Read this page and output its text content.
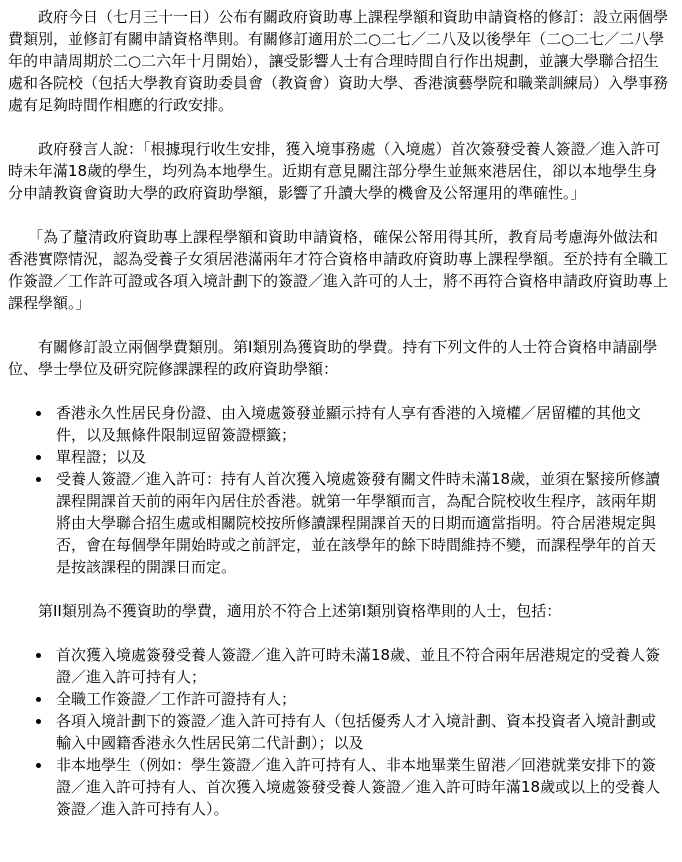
政府今日（七月三十一日）公布有關政府資助專上課程學額和資助申請資格的修訂：設立兩個學費類別，並修訂有關申請資格準則。有關修訂適用於二○二七／二八及以後學年（二○二七／二八學年的申請周期於二○二六年十月開始），讓受影響人士有合理時間自行作出規劃，並讓大學聯合招生處和各院校（包括大學教育資助委員會（教資會）資助大學、香港演藝學院和職業訓練局）入學事務處有足夠時間作相應的行政安排。

政府發言人說：「根據現行收生安排，獲入境事務處（入境處）首次簽發受養人簽證／進入許可時未年滿18歲的學生，均列為本地學生。近期有意見關注部分學生並無來港居住，卻以本地學生身分申請教資會資助大學的政府資助學額，影響了升讀大學的機會及公帑運用的準確性。」

「為了釐清政府資助專上課程學額和資助申請資格，確保公帑用得其所，教育局考慮海外做法和香港實際情況，認為受養子女須居港滿兩年才符合資格申請政府資助專上課程學額。至於持有全職工作簽證／工作許可證或各項入境計劃下的簽證／進入許可的人士，將不再符合資格申請政府資助專上課程學額。」

有關修訂設立兩個學費類別。第I類別為獲資助的學費。持有下列文件的人士符合資格申請副學位、學士學位及研究院修課課程的政府資助學額：

香港永久性居民身份證、由入境處簽發並顯示持有人享有香港的入境權／居留權的其他文件，以及無條件限制逗留簽證標籤；
單程證；以及
受養人簽證／進入許可：持有人首次獲入境處簽發有關文件時未滿18歲，並須在緊接所修讀課程開課首天前的兩年內居住於香港。就第一年學額而言，為配合院校收生程序，該兩年期將由大學聯合招生處或相關院校按所修讀課程開課首天的日期而適當指明。符合居港規定與否，會在每個學年開始時或之前評定，並在該學年的餘下時間維持不變，而課程學年的首天是按該課程的開課日而定。

第II類別為不獲資助的學費，適用於不符合上述第I類別資格準則的人士，包括：

首次獲入境處簽發受養人簽證／進入許可時未滿18歲、並且不符合兩年居港規定的受養人簽證／進入許可持有人；
全職工作簽證／工作許可證持有人；
各項入境計劃下的簽證／進入許可持有人（包括優秀人才入境計劃、資本投資者入境計劃或輸入中國籍香港永久性居民第二代計劃）；以及
非本地學生（例如：學生簽證／進入許可持有人、非本地畢業生留港／回港就業安排下的簽證／進入許可持有人、首次獲入境處簽發受養人簽證／進入許可時年滿18歲或以上的受養人簽證／進入許可持有人）。
